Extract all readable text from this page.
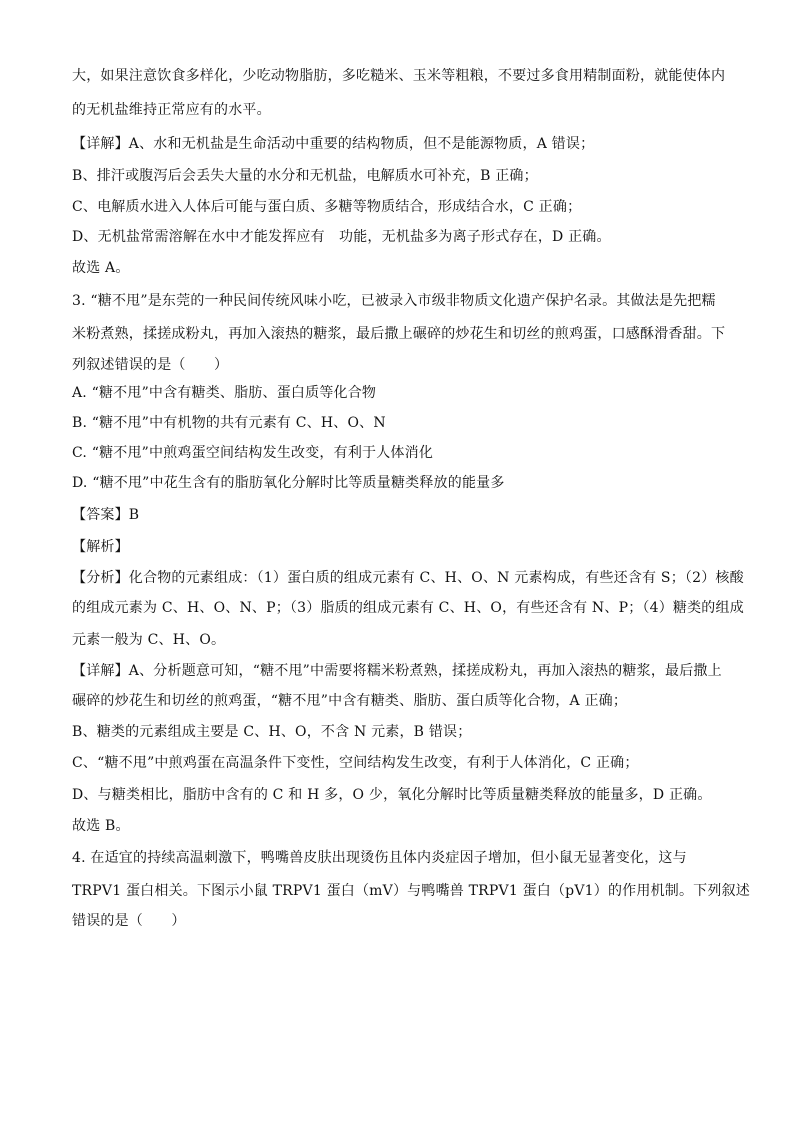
大，如果注意饮食多样化，少吃动物脂肪，多吃糙米、玉米等粗粮，不要过多食用精制面粉，就能使体内
的无机盐维持正常应有的水平。
【详解】A、水和无机盐是生命活动中重要的结构物质，但不是能源物质，A 错误；
B、排汗或腹泻后会丢失大量的水分和无机盐，电解质水可补充，B 正确；
C、电解质水进入人体后可能与蛋白质、多糖等物质结合，形成结合水，C 正确；
D、无机盐常需溶解在水中才能发挥应有　功能，无机盐多为离子形式存在，D 正确。
故选 A。
3. “糖不甩”是东莞的一种民间传统风味小吃，已被录入市级非物质文化遗产保护名录。其做法是先把糯
米粉煮熟，揉搓成粉丸，再加入滚热的糖浆，最后撒上碾碎的炒花生和切丝的煎鸡蛋，口感酥滑香甜。下
列叙述错误的是（　　）
A. “糖不甩”中含有糖类、脂肪、蛋白质等化合物
B. “糖不甩”中有机物的共有元素有 C、H、O、N
C. “糖不甩”中煎鸡蛋空间结构发生改变，有利于人体消化
D. “糖不甩”中花生含有的脂肪氧化分解时比等质量糖类释放的能量多
【答案】B
【解析】
【分析】化合物的元素组成：（1）蛋白质的组成元素有 C、H、O、N 元素构成，有些还含有 S；（2）核酸
的组成元素为 C、H、O、N、P；（3）脂质的组成元素有 C、H、O，有些还含有 N、P；（4）糖类的组成
元素一般为 C、H、O。
【详解】A、分析题意可知，“糖不甩”中需要将糯米粉煮熟，揉搓成粉丸，再加入滚热的糖浆，最后撒上
碾碎的炒花生和切丝的煎鸡蛋，“糖不甩”中含有糖类、脂肪、蛋白质等化合物，A 正确；
B、糖类的元素组成主要是 C、H、O，不含 N 元素，B 错误；
C、“糖不甩”中煎鸡蛋在高温条件下变性，空间结构发生改变，有利于人体消化，C 正确；
D、与糖类相比，脂肪中含有的 C 和 H 多，O 少，氧化分解时比等质量糖类释放的能量多，D 正确。
故选 B。
4. 在适宜的持续高温刺激下，鸭嘴兽皮肤出现烫伤且体内炎症因子增加，但小鼠无显著变化，这与
TRPV1 蛋白相关。下图示小鼠 TRPV1 蛋白（mV）与鸭嘴兽 TRPV1 蛋白（pV1）的作用机制。下列叙述
错误的是（　　）
